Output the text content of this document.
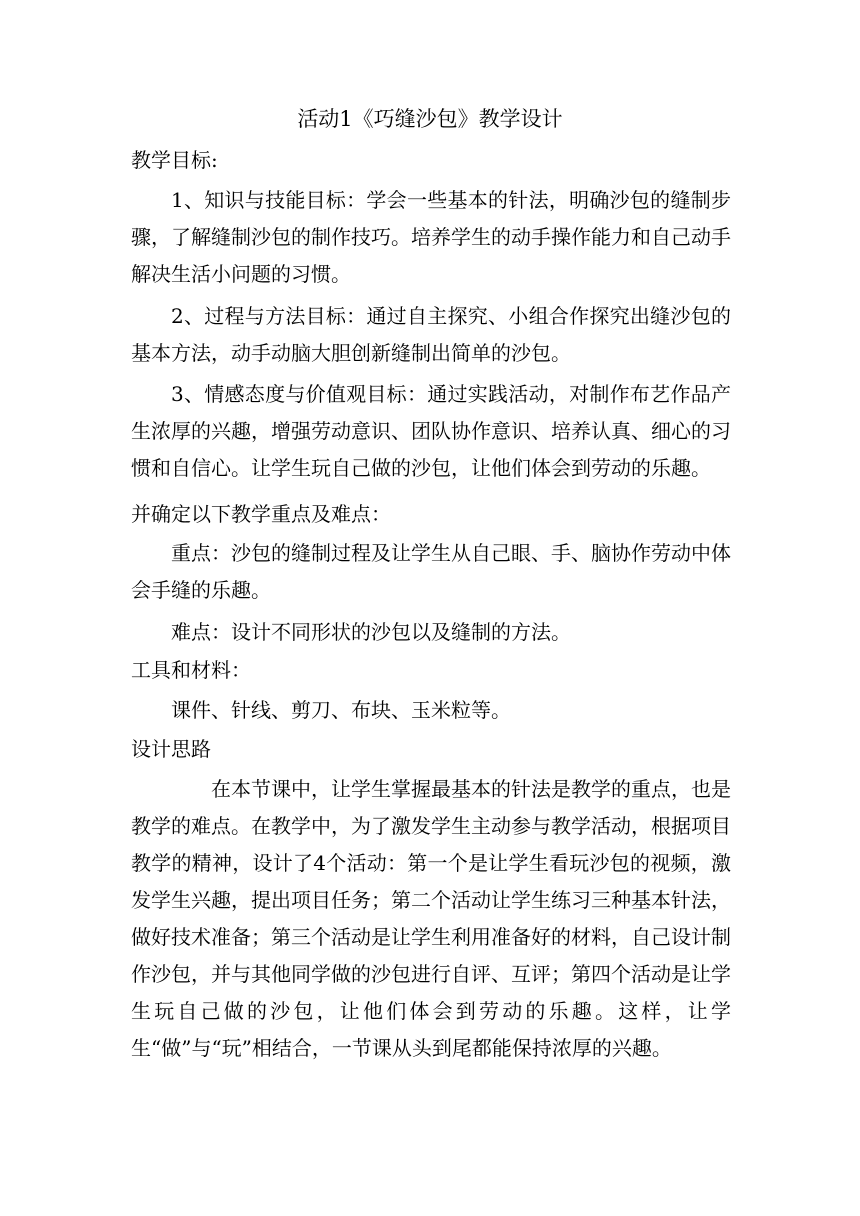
活动1《巧缝沙包》教学设计
教学目标:
1、知识与技能目标：学会一些基本的针法，明确沙包的缝制步骤，了解缝制沙包的制作技巧。培养学生的动手操作能力和自己动手解决生活小问题的习惯。
2、过程与方法目标：通过自主探究、小组合作探究出缝沙包的基本方法，动手动脑大胆创新缝制出简单的沙包。
3、情感态度与价值观目标：通过实践活动，对制作布艺作品产生浓厚的兴趣，增强劳动意识、团队协作意识、培养认真、细心的习惯和自信心。让学生玩自己做的沙包，让他们体会到劳动的乐趣。
并确定以下教学重点及难点：
重点：沙包的缝制过程及让学生从自己眼、手、脑协作劳动中体会手缝的乐趣。
难点：设计不同形状的沙包以及缝制的方法。
工具和材料：
课件、针线、剪刀、布块、玉米粒等。
设计思路
在本节课中，让学生掌握最基本的针法是教学的重点，也是教学的难点。在教学中，为了激发学生主动参与教学活动，根据项目教学的精神，设计了4个活动：第一个是让学生看玩沙包的视频，激发学生兴趣，提出项目任务；第二个活动让学生练习三种基本针法，做好技术准备；第三个活动是让学生利用准备好的材料，自己设计制作沙包，并与其他同学做的沙包进行自评、互评；第四个活动是让学生玩自己做的沙包，让他们体会到劳动的乐趣。这样，让学生“做”与“玩”相结合，一节课从头到尾都能保持浓厚的兴趣。
